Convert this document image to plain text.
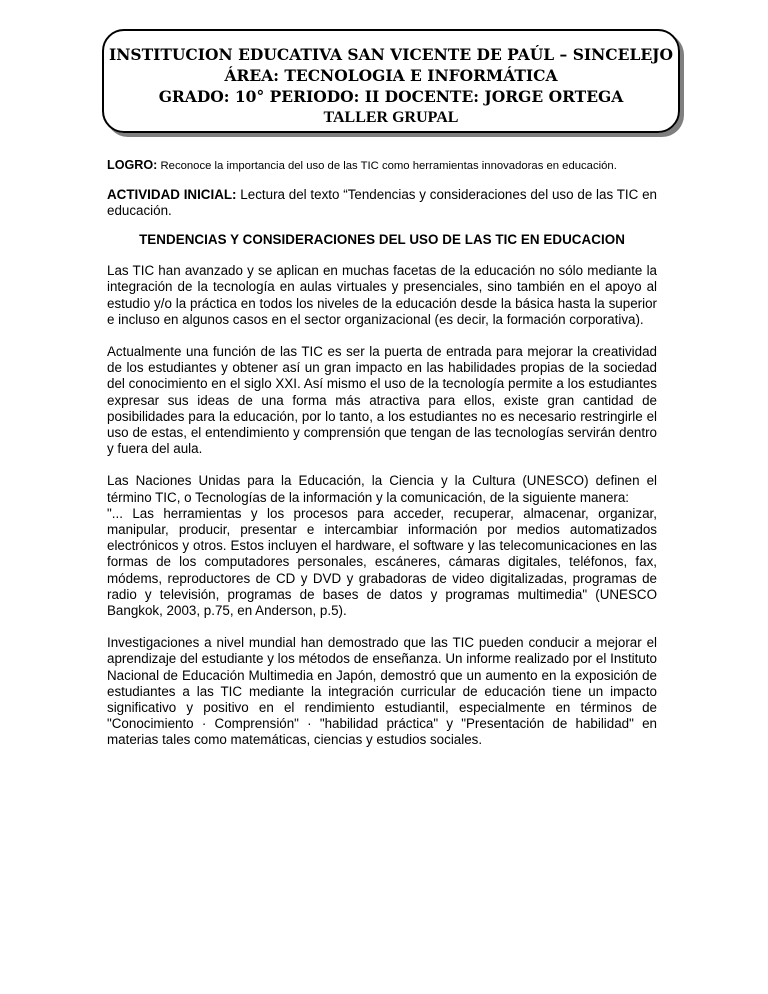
INSTITUCION EDUCATIVA SAN VICENTE DE PAÚL – SINCELEJO
ÁREA: TECNOLOGIA E INFORMÁTICA
GRADO: 10° PERIODO: II DOCENTE: JORGE ORTEGA
TALLER GRUPAL

LOGRO: Reconoce la importancia del uso de las TIC como herramientas innovadoras en educación.

ACTIVIDAD INICIAL: Lectura del texto “Tendencias y consideraciones del uso de las TIC en educación.

TENDENCIAS Y CONSIDERACIONES DEL USO DE LAS TIC EN EDUCACION

Las TIC han avanzado y se aplican en muchas facetas de la educación no sólo mediante la integración de la tecnología en aulas virtuales y presenciales, sino también en el apoyo al estudio y/o la práctica en todos los niveles de la educación desde la básica hasta la superior e incluso en algunos casos en el sector organizacional (es decir, la formación corporativa).

Actualmente una función de las TIC es ser la puerta de entrada para mejorar la creatividad de los estudiantes y obtener así un gran impacto en las habilidades propias de la sociedad del conocimiento en el siglo XXI. Así mismo el uso de la tecnología permite a los estudiantes expresar sus ideas de una forma más atractiva para ellos, existe gran cantidad de posibilidades para la educación, por lo tanto, a los estudiantes no es necesario restringirle el uso de estas, el entendimiento y comprensión que tengan de las tecnologías servirán dentro y fuera del aula.

Las Naciones Unidas para la Educación, la Ciencia y la Cultura (UNESCO) definen el término TIC, o Tecnologías de la información y la comunicación, de la siguiente manera:

"... Las herramientas y los procesos para acceder, recuperar, almacenar, organizar, manipular, producir, presentar e intercambiar información por medios automatizados electrónicos y otros. Estos incluyen el hardware, el software y las telecomunicaciones en las formas de los computadores personales, escáneres, cámaras digitales, teléfonos, fax, módems, reproductores de CD y DVD y grabadoras de video digitalizadas, programas de radio y televisión, programas de bases de datos y programas multimedia" (UNESCO Bangkok, 2003, p.75, en Anderson, p.5).

Investigaciones a nivel mundial han demostrado que las TIC pueden conducir a mejorar el aprendizaje del estudiante y los métodos de enseñanza. Un informe realizado por el Instituto Nacional de Educación Multimedia en Japón, demostró que un aumento en la exposición de estudiantes a las TIC mediante la integración curricular de educación tiene un impacto significativo y positivo en el rendimiento estudiantil, especialmente en términos de "Conocimiento · Comprensión" · "habilidad práctica" y "Presentación de habilidad" en materias tales como matemáticas, ciencias y estudios sociales.
